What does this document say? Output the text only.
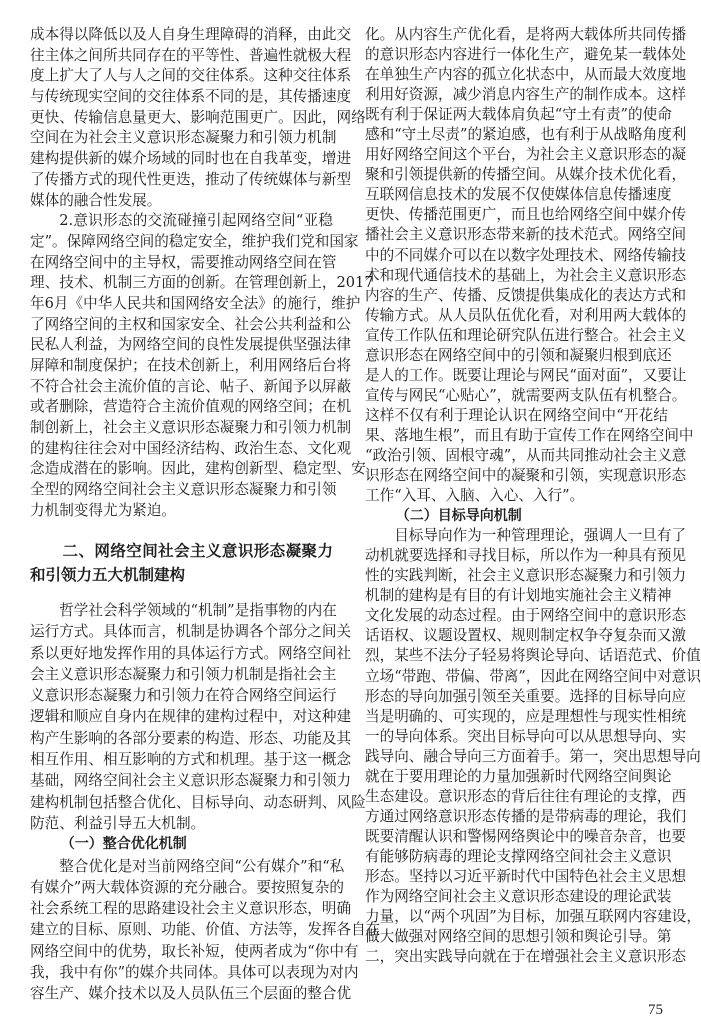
成本得以降低以及人自身生理障碍的消释，由此交
往主体之间所共同存在的平等性、普遍性就极大程
度上扩大了人与人之间的交往体系。这种交往体系
与传统现实空间的交往体系不同的是，其传播速度
更快、传输信息量更大、影响范围更广。因此，网络
空间在为社会主义意识形态凝聚力和引领力机制
建构提供新的媒介场域的同时也在自我革变，增进
了传播方式的现代性更迭，推动了传统媒体与新型
媒体的融合性发展。
2.意识形态的交流碰撞引起网络空间“亚稳
定”。保障网络空间的稳定安全，维护我们党和国家
在网络空间中的主导权，需要推动网络空间在管
理、技术、机制三方面的创新。在管理创新上，2017
年6月《中华人民共和国网络安全法》的施行，维护
了网络空间的主权和国家安全、社会公共利益和公
民私人利益，为网络空间的良性发展提供坚强法律
屏障和制度保护；在技术创新上，利用网络后台将
不符合社会主流价值的言论、帖子、新闻予以屏蔽
或者删除，营造符合主流价值观的网络空间；在机
制创新上，社会主义意识形态凝聚力和引领力机制
的建构往往会对中国经济结构、政治生态、文化观
念造成潜在的影响。因此，建构创新型、稳定型、安
全型的网络空间社会主义意识形态凝聚力和引领
力机制变得尤为紧迫。
二、网络空间社会主义意识形态凝聚力
和引领力五大机制建构
哲学社会科学领域的“机制”是指事物的内在
运行方式。具体而言，机制是协调各个部分之间关
系以更好地发挥作用的具体运行方式。网络空间社
会主义意识形态凝聚力和引领力机制是指社会主
义意识形态凝聚力和引领力在符合网络空间运行
逻辑和顺应自身内在规律的建构过程中，对这种建
构产生影响的各部分要素的构造、形态、功能及其
相互作用、相互影响的方式和机理。基于这一概念
基础，网络空间社会主义意识形态凝聚力和引领力
建构机制包括整合优化、目标导向、动态研判、风险
防范、利益引导五大机制。
（一）整合优化机制
整合优化是对当前网络空间“公有媒介”和“私
有媒介”两大载体资源的充分融合。要按照复杂的
社会系统工程的思路建设社会主义意识形态，明确
建立的目标、原则、功能、价值、方法等，发挥各自在
网络空间中的优势，取长补短，使两者成为“你中有
我，我中有你”的媒介共同体。具体可以表现为对内
容生产、媒介技术以及人员队伍三个层面的整合优
化。从内容生产优化看，是将两大载体所共同传播
的意识形态内容进行一体化生产，避免某一载体处
在单独生产内容的孤立化状态中，从而最大效度地
利用好资源，减少消息内容生产的制作成本。这样
既有利于保证两大载体肩负起“守土有责”的使命
感和“守土尽责”的紧迫感，也有利于从战略角度利
用好网络空间这个平台，为社会主义意识形态的凝
聚和引领提供新的传播空间。从媒介技术优化看，
互联网信息技术的发展不仅使媒体信息传播速度
更快、传播范围更广，而且也给网络空间中媒介传
播社会主义意识形态带来新的技术范式。网络空间
中的不同媒介可以在以数字处理技术、网络传输技
术和现代通信技术的基础上，为社会主义意识形态
内容的生产、传播、反馈提供集成化的表达方式和
传输方式。从人员队伍优化看，对利用两大载体的
宣传工作队伍和理论研究队伍进行整合。社会主义
意识形态在网络空间中的引领和凝聚归根到底还
是人的工作。既要让理论与网民“面对面”，又要让
宣传与网民“心贴心”，就需要两支队伍有机整合。
这样不仅有利于理论认识在网络空间中“开花结
果、落地生根”，而且有助于宣传工作在网络空间中
“政治引领、固根守魂”，从而共同推动社会主义意
识形态在网络空间中的凝聚和引领，实现意识形态
工作“入耳、入脑、入心、入行”。
（二）目标导向机制
目标导向作为一种管理理论，强调人一旦有了
动机就要选择和寻找目标，所以作为一种具有预见
性的实践判断，社会主义意识形态凝聚力和引领力
机制的建构是有目的有计划地实施社会主义精神
文化发展的动态过程。由于网络空间中的意识形态
话语权、议题设置权、规则制定权争夺复杂而又激
烈，某些不法分子轻易将舆论导向、话语范式、价值
立场“带跑、带偏、带离”，因此在网络空间中对意识
形态的导向加强引领至关重要。选择的目标导向应
当是明确的、可实现的，应是理想性与现实性相统
一的导向体系。突出目标导向可以从思想导向、实
践导向、融合导向三方面着手。第一，突出思想导向
就在于要用理论的力量加强新时代网络空间舆论
生态建设。意识形态的背后往往有理论的支撑，西
方通过网络意识形态传播的是带病毒的理论，我们
既要清醒认识和警惕网络舆论中的噪音杂音，也要
有能够防病毒的理论支撑网络空间社会主义意识
形态。坚持以习近平新时代中国特色社会主义思想
作为网络空间社会主义意识形态建设的理论武装
力量，以“两个巩固”为目标，加强互联网内容建设，
做大做强对网络空间的思想引领和舆论引导。第
二，突出实践导向就在于在增强社会主义意识形态
75
